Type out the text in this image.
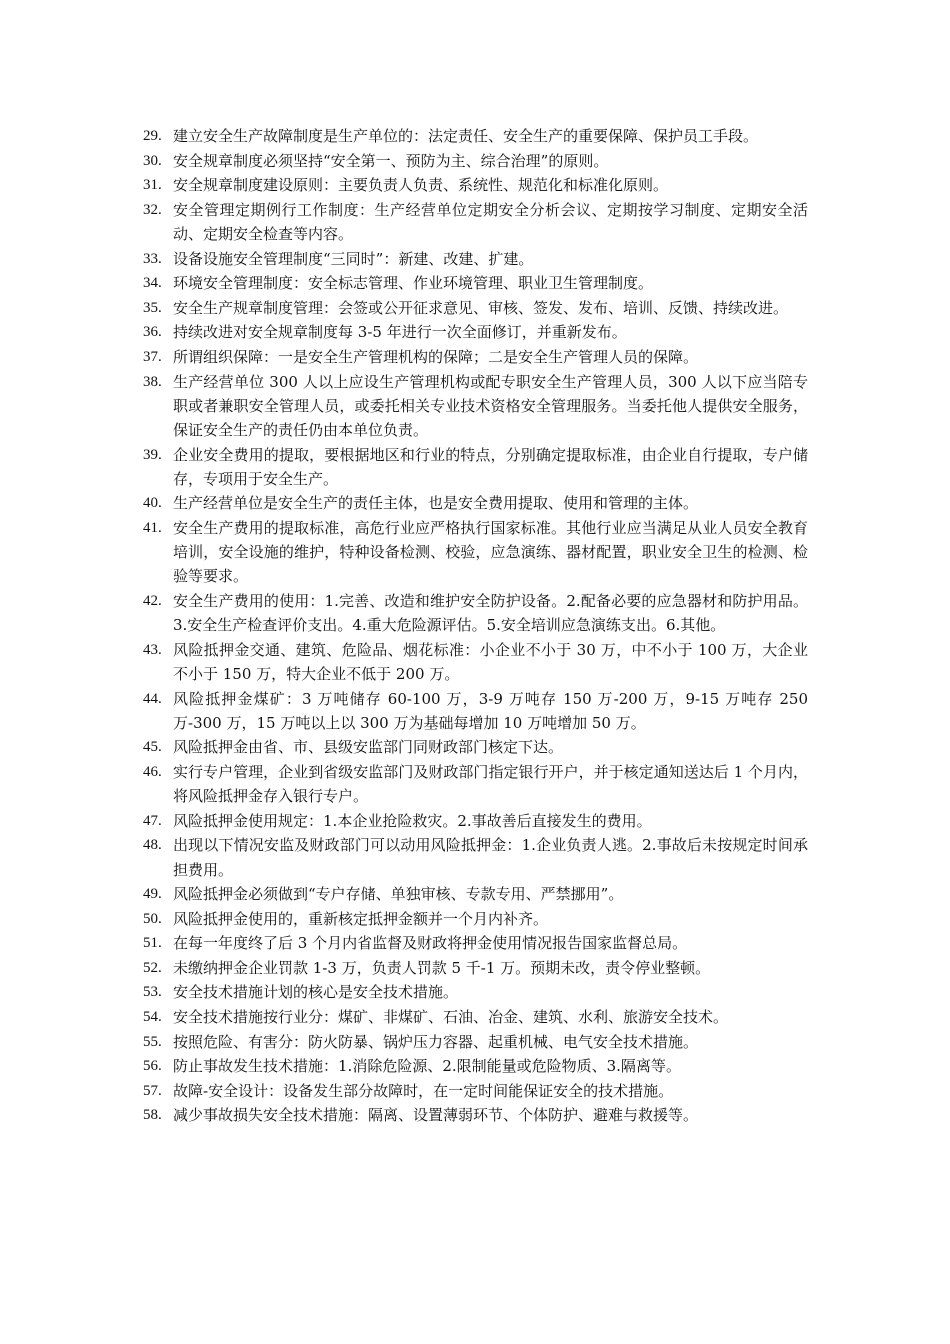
29. 建立安全生产故障制度是生产单位的：法定责任、安全生产的重要保障、保护员工手段。
30. 安全规章制度必须坚持“安全第一、预防为主、综合治理”的原则。
31. 安全规章制度建设原则：主要负责人负责、系统性、规范化和标准化原则。
32. 安全管理定期例行工作制度：生产经营单位定期安全分析会议、定期按学习制度、定期安全活动、定期安全检查等内容。
33. 设备设施安全管理制度“三同时”：新建、改建、扩建。
34. 环境安全管理制度：安全标志管理、作业环境管理、职业卫生管理制度。
35. 安全生产规章制度管理：会签或公开征求意见、审核、签发、发布、培训、反馈、持续改进。
36. 持续改进对安全规章制度每 3-5 年进行一次全面修订，并重新发布。
37. 所谓组织保障：一是安全生产管理机构的保障；二是安全生产管理人员的保障。
38. 生产经营单位 300 人以上应设生产管理机构或配专职安全生产管理人员，300 人以下应当陪专职或者兼职安全管理人员，或委托相关专业技术资格安全管理服务。当委托他人提供安全服务，保证安全生产的责任仍由本单位负责。
39. 企业安全费用的提取，要根据地区和行业的特点，分别确定提取标准，由企业自行提取，专户储存，专项用于安全生产。
40. 生产经营单位是安全生产的责任主体，也是安全费用提取、使用和管理的主体。
41. 安全生产费用的提取标准，高危行业应严格执行国家标准。其他行业应当满足从业人员安全教育培训，安全设施的维护，特种设备检测、校验，应急演练、器材配置，职业安全卫生的检测、检验等要求。
42. 安全生产费用的使用：1.完善、改造和维护安全防护设备。2.配备必要的应急器材和防护用品。3.安全生产检查评价支出。4.重大危险源评估。5.安全培训应急演练支出。6.其他。
43. 风险抵押金交通、建筑、危险品、烟花标准：小企业不小于 30 万，中不小于 100 万，大企业不小于 150 万，特大企业不低于 200 万。
44. 风险抵押金煤矿：3 万吨储存 60-100 万，3-9 万吨存 150 万-200 万，9-15 万吨存 250 万-300 万，15 万吨以上以 300 万为基础每增加 10 万吨增加 50 万。
45. 风险抵押金由省、市、县级安监部门同财政部门核定下达。
46. 实行专户管理，企业到省级安监部门及财政部门指定银行开户，并于核定通知送达后 1 个月内，将风险抵押金存入银行专户。
47. 风险抵押金使用规定：1.本企业抢险救灾。2.事故善后直接发生的费用。
48. 出现以下情况安监及财政部门可以动用风险抵押金：1.企业负责人逃。2.事故后未按规定时间承担费用。
49. 风险抵押金必须做到“专户存储、单独审核、专款专用、严禁挪用”。
50. 风险抵押金使用的，重新核定抵押金额并一个月内补齐。
51. 在每一年度终了后 3 个月内省监督及财政将押金使用情况报告国家监督总局。
52. 未缴纳押金企业罚款 1-3 万，负责人罚款 5 千-1 万。预期未改，责令停业整顿。
53. 安全技术措施计划的核心是安全技术措施。
54. 安全技术措施按行业分：煤矿、非煤矿、石油、冶金、建筑、水利、旅游安全技术。
55. 按照危险、有害分：防火防暴、锅炉压力容器、起重机械、电气安全技术措施。
56. 防止事故发生技术措施：1.消除危险源、2.限制能量或危险物质、3.隔离等。
57. 故障-安全设计：设备发生部分故障时，在一定时间能保证安全的技术措施。
58. 减少事故损失安全技术措施：隔离、设置薄弱环节、个体防护、避难与救援等。
